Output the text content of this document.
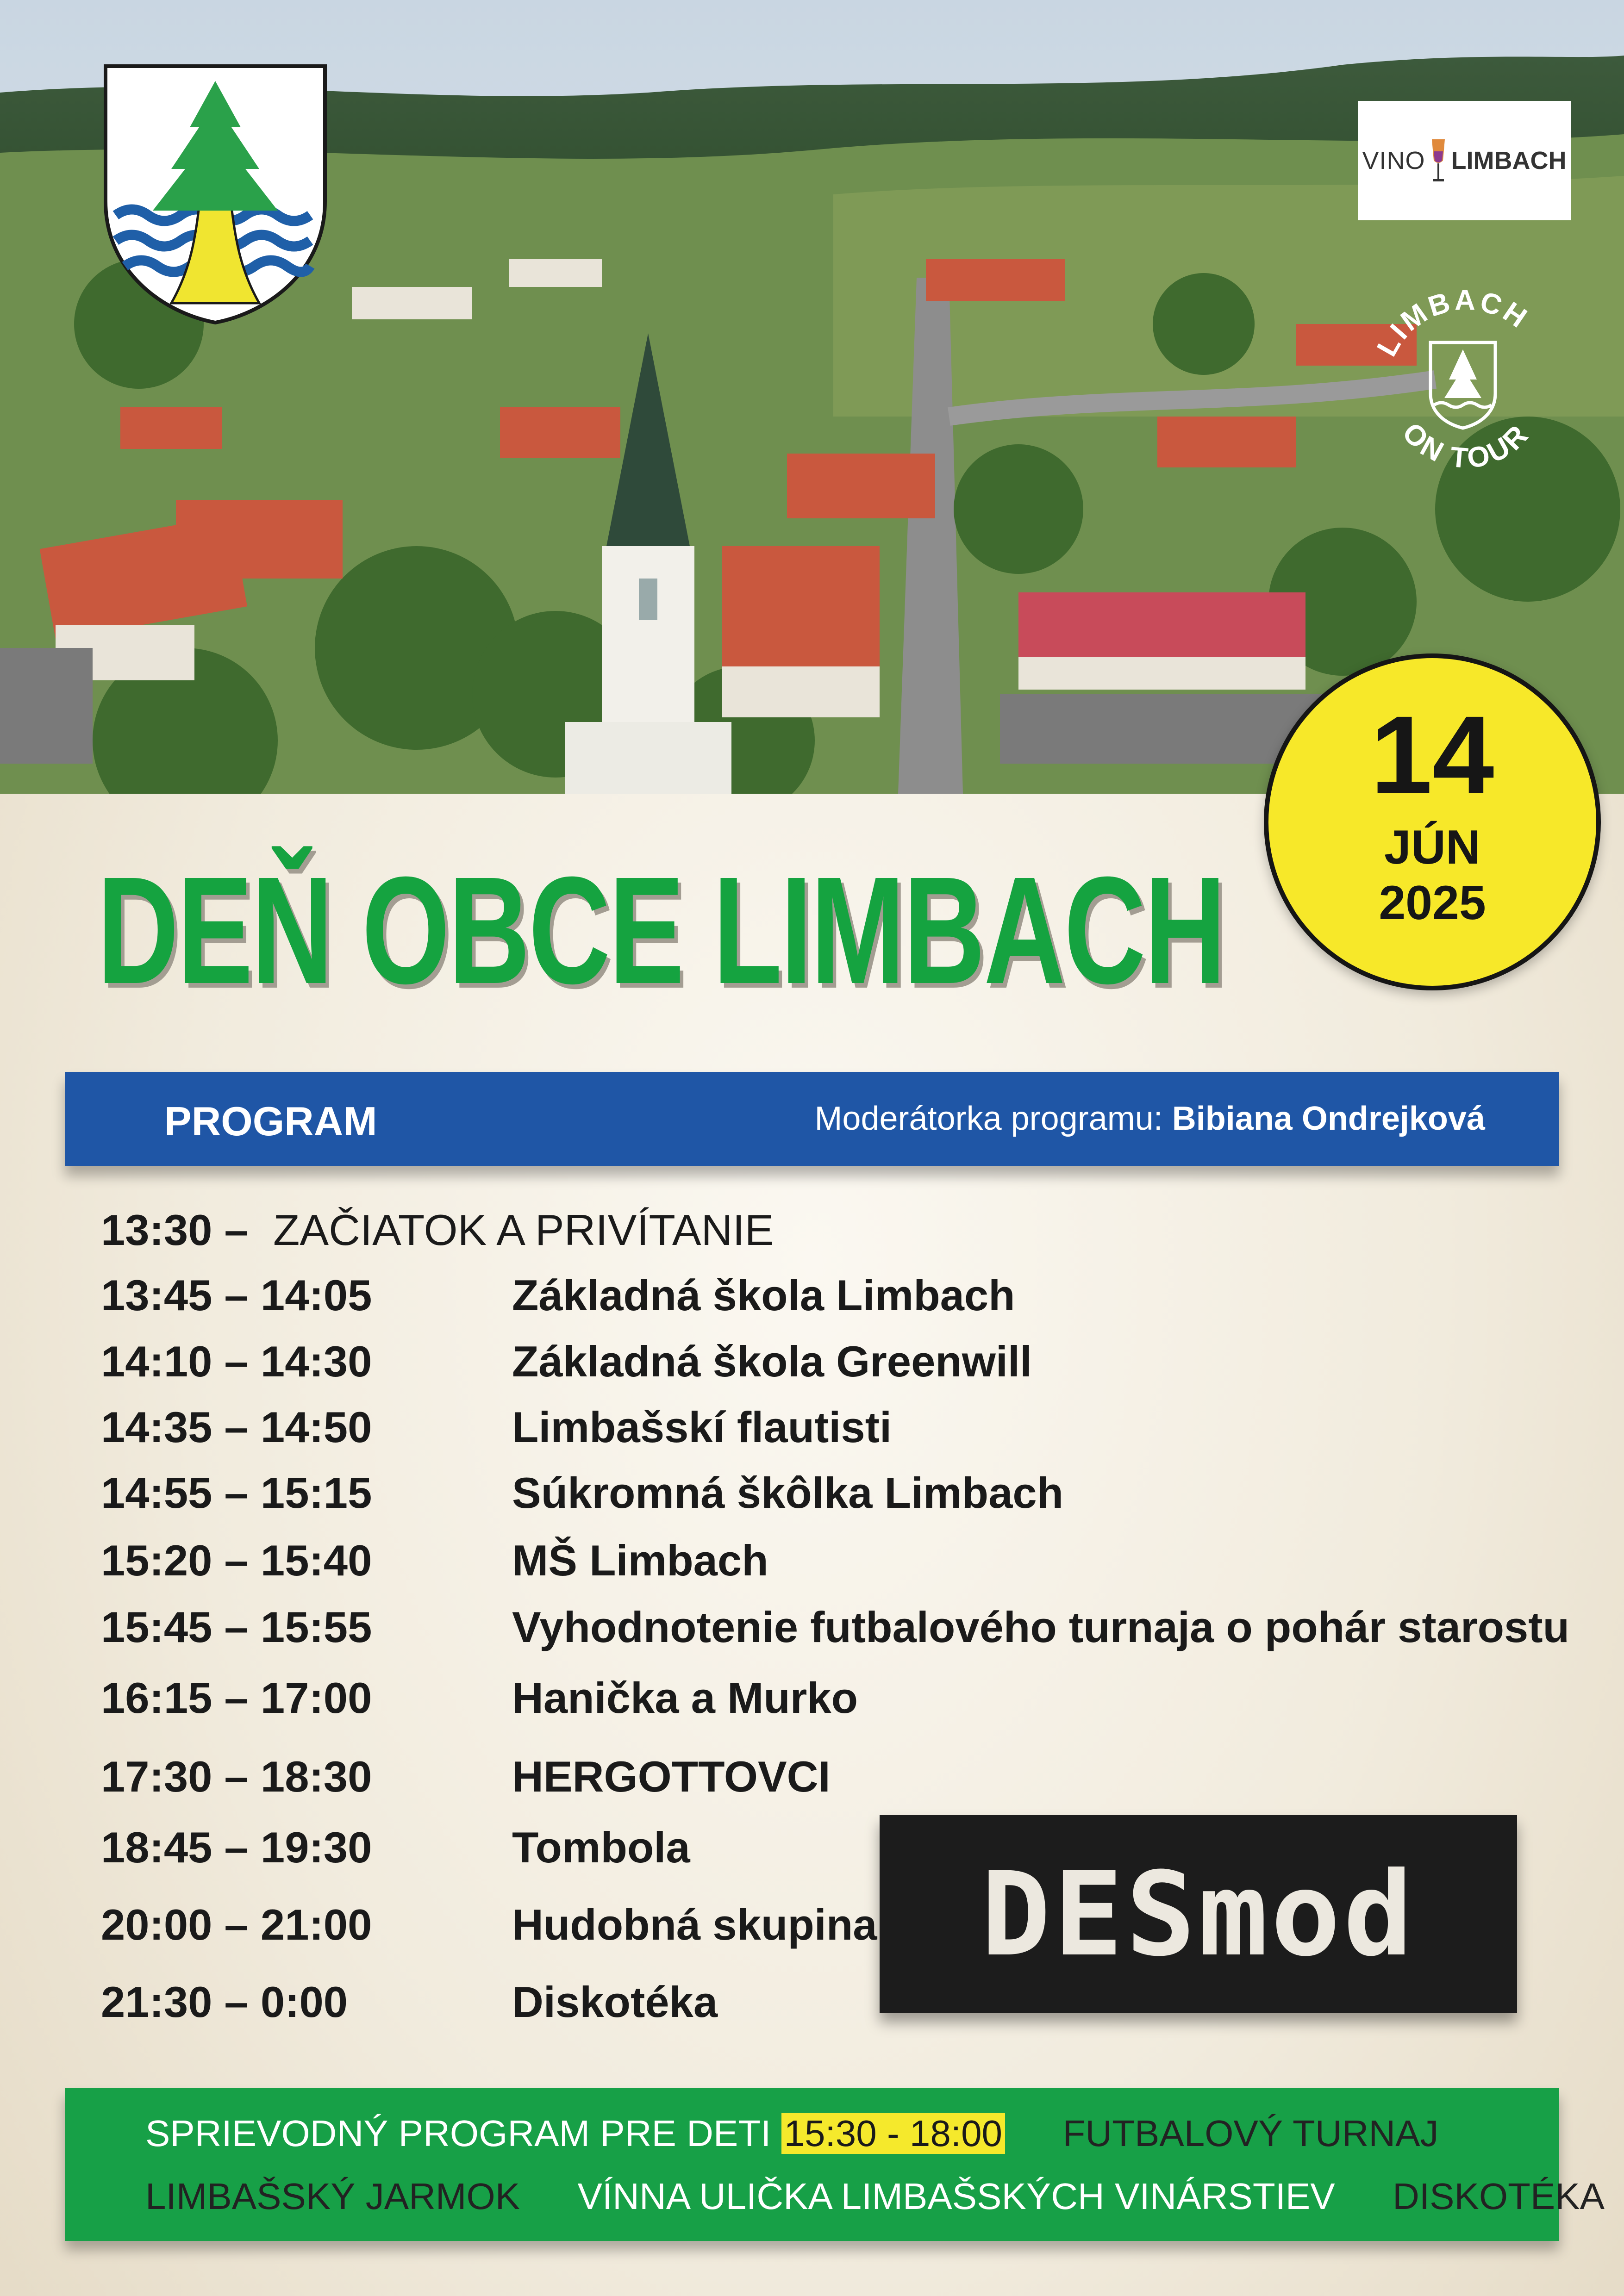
VINO LIMBACH
LIMBACH
ON TOUR
14
JÚN
2025
DEŇ OBCE LIMBACH
PROGRAM	Moderátorka programu: Bibiana Ondrejková
13:30 – ZAČIATOK A PRIVÍTANIE
13:45 – 14:05	Základná škola Limbach
14:10 – 14:30	Základná škola Greenwill
14:35 – 14:50	Limbašskí flautisti
14:55 – 15:15	Súkromná škôlka Limbach
15:20 – 15:40	MŠ Limbach
15:45 – 15:55	Vyhodnotenie futbalového turnaja o pohár starostu
16:15 – 17:00	Hanička a Murko
17:30 – 18:30	HERGOTTOVCI
18:45 – 19:30	Tombola
20:00 – 21:00	Hudobná skupina
21:30 – 0:00	Diskotéka
DESmod
SPRIEVODNÝ PROGRAM PRE DETI 15:30 - 18:00 FUTBALOVÝ TURNAJ
LIMBAŠSKÝ JARMOK VÍNNA ULIČKA LIMBAŠSKÝCH VINÁRSTIEV DISKOTÉKA
